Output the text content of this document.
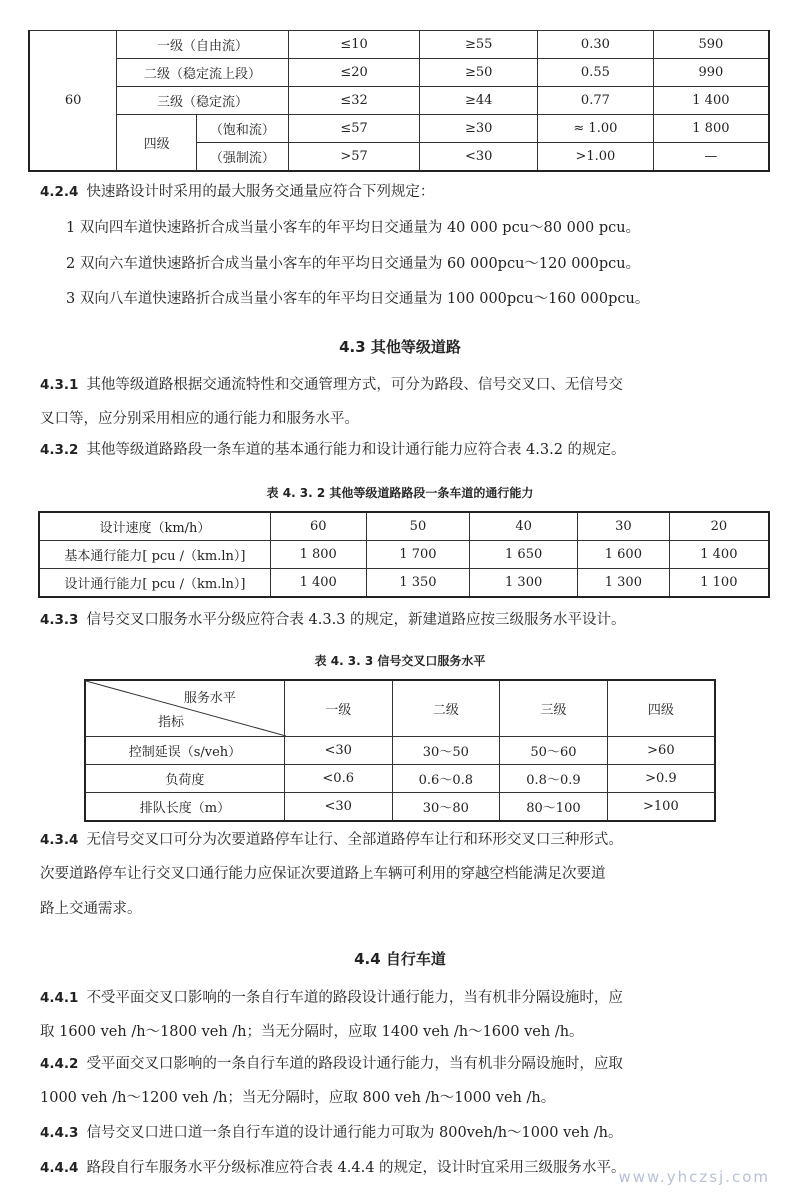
60	一级（自由流）		≤10	≥55	0.30	590
	二级（稳定流上段）		≤20	≥50	0.55	990
	三级（稳定流）		≤32	≥44	0.77	1 400
	四级	（饱和流）	≤57	≥30	≈ 1.00	1 800
		（强制流）	>57	<30	>1.00	—
4.2.4 快速路设计时采用的最大服务交通量应符合下列规定：
1 双向四车道快速路折合成当量小客车的年平均日交通量为 40 000 pcu～80 000 pcu。
2 双向六车道快速路折合成当量小客车的年平均日交通量为 60 000pcu～120 000pcu。
3 双向八车道快速路折合成当量小客车的年平均日交通量为 100 000pcu～160 000pcu。
4.3 其他等级道路
4.3.1 其他等级道路根据交通流特性和交通管理方式，可分为路段、信号交叉口、无信号交
叉口等，应分别采用相应的通行能力和服务水平。
4.3.2 其他等级道路路段一条车道的基本通行能力和设计通行能力应符合表 4.3.2 的规定。
表 4. 3. 2 其他等级道路路段一条车道的通行能力
设计速度（km/h）	60	50	40	30	20
基本通行能力[ pcu /（km.ln）]	1 800	1 700	1 650	1 600	1 400
设计通行能力[ pcu /（km.ln）]	1 400	1 350	1 300	1 300	1 100
4.3.3 信号交叉口服务水平分级应符合表 4.3.3 的规定，新建道路应按三级服务水平设计。
表 4. 3. 3 信号交叉口服务水平
服务水平
指标	一级	二级	三级	四级
控制延误（s/veh）	<30	30～50	50～60	>60
负荷度	<0.6	0.6～0.8	0.8～0.9	>0.9
排队长度（m）	<30	30～80	80～100	>100
4.3.4 无信号交叉口可分为次要道路停车让行、全部道路停车让行和环形交叉口三种形式。
次要道路停车让行交叉口通行能力应保证次要道路上车辆可利用的穿越空档能满足次要道
路上交通需求。
4.4 自行车道
4.4.1 不受平面交叉口影响的一条自行车道的路段设计通行能力，当有机非分隔设施时，应
取 1600 veh /h～1800 veh /h；当无分隔时，应取 1400 veh /h～1600 veh /h。
4.4.2 受平面交叉口影响的一条自行车道的路段设计通行能力，当有机非分隔设施时，应取
1000 veh /h～1200 veh /h；当无分隔时，应取 800 veh /h～1000 veh /h。
4.4.3 信号交叉口进口道一条自行车道的设计通行能力可取为 800veh/h～1000 veh /h。
4.4.4 路段自行车服务水平分级标准应符合表 4.4.4 的规定，设计时宜采用三级服务水平。
www.yhczsj.com
